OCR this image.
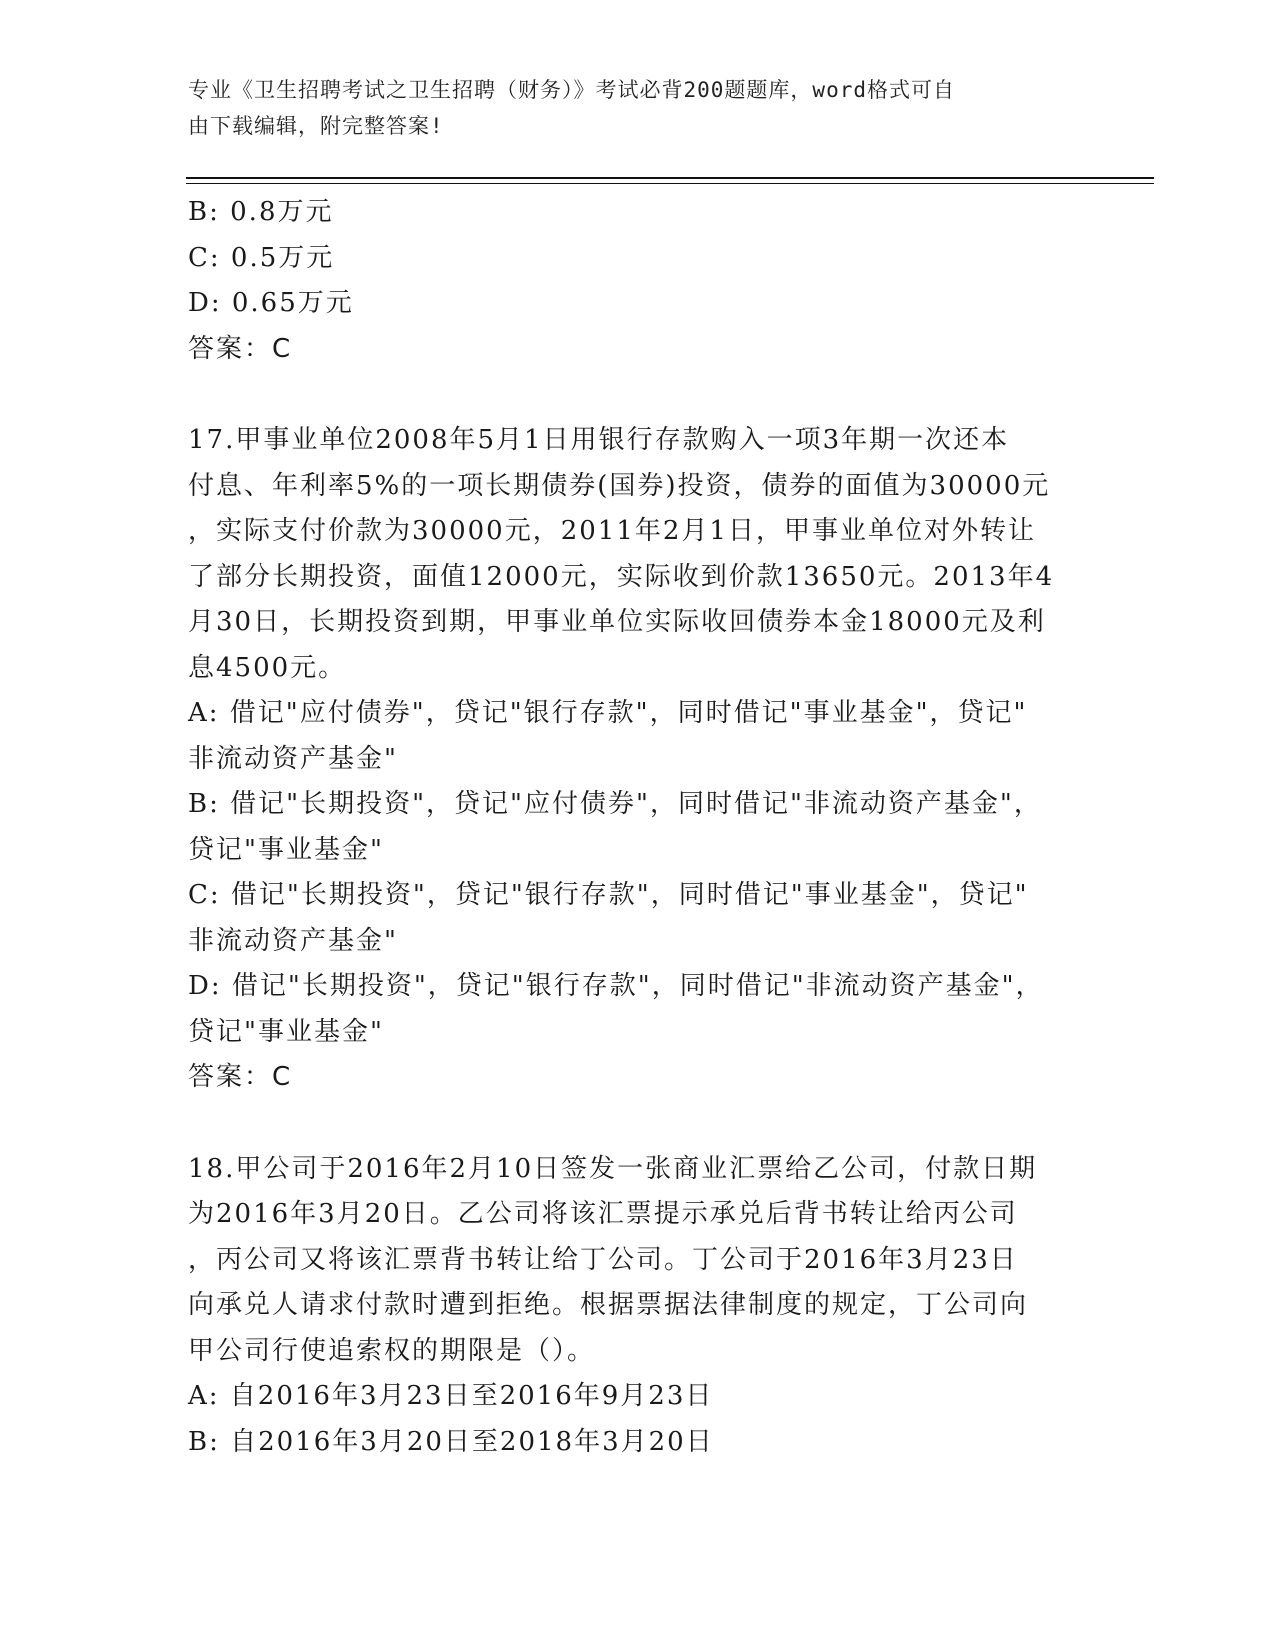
专业《卫生招聘考试之卫生招聘（财务）》考试必背200题题库，word格式可自
由下载编辑，附完整答案!
B: 0.8万元
C: 0.5万元
D: 0.65万元
答案：C
17.甲事业单位2008年5月1日用银行存款购入一项3年期一次还本
付息、年利率5%的一项长期债券(国券)投资，债券的面值为30000元
，实际支付价款为30000元，2011年2月1日，甲事业单位对外转让
了部分长期投资，面值12000元，实际收到价款13650元。2013年4
月30日，长期投资到期，甲事业单位实际收回债券本金18000元及利
息4500元。
A: 借记"应付债券"，贷记"银行存款"，同时借记"事业基金"，贷记"
非流动资产基金"
B: 借记"长期投资"，贷记"应付债券"，同时借记"非流动资产基金"，
贷记"事业基金"
C: 借记"长期投资"，贷记"银行存款"，同时借记"事业基金"，贷记"
非流动资产基金"
D: 借记"长期投资"，贷记"银行存款"，同时借记"非流动资产基金"，
贷记"事业基金"
答案：C
18.甲公司于2016年2月10日签发一张商业汇票给乙公司，付款日期
为2016年3月20日。乙公司将该汇票提示承兑后背书转让给丙公司
，丙公司又将该汇票背书转让给丁公司。丁公司于2016年3月23日
向承兑人请求付款时遭到拒绝。根据票据法律制度的规定，丁公司向
甲公司行使追索权的期限是（）。
A: 自2016年3月23日至2016年9月23日
B: 自2016年3月20日至2018年3月20日
